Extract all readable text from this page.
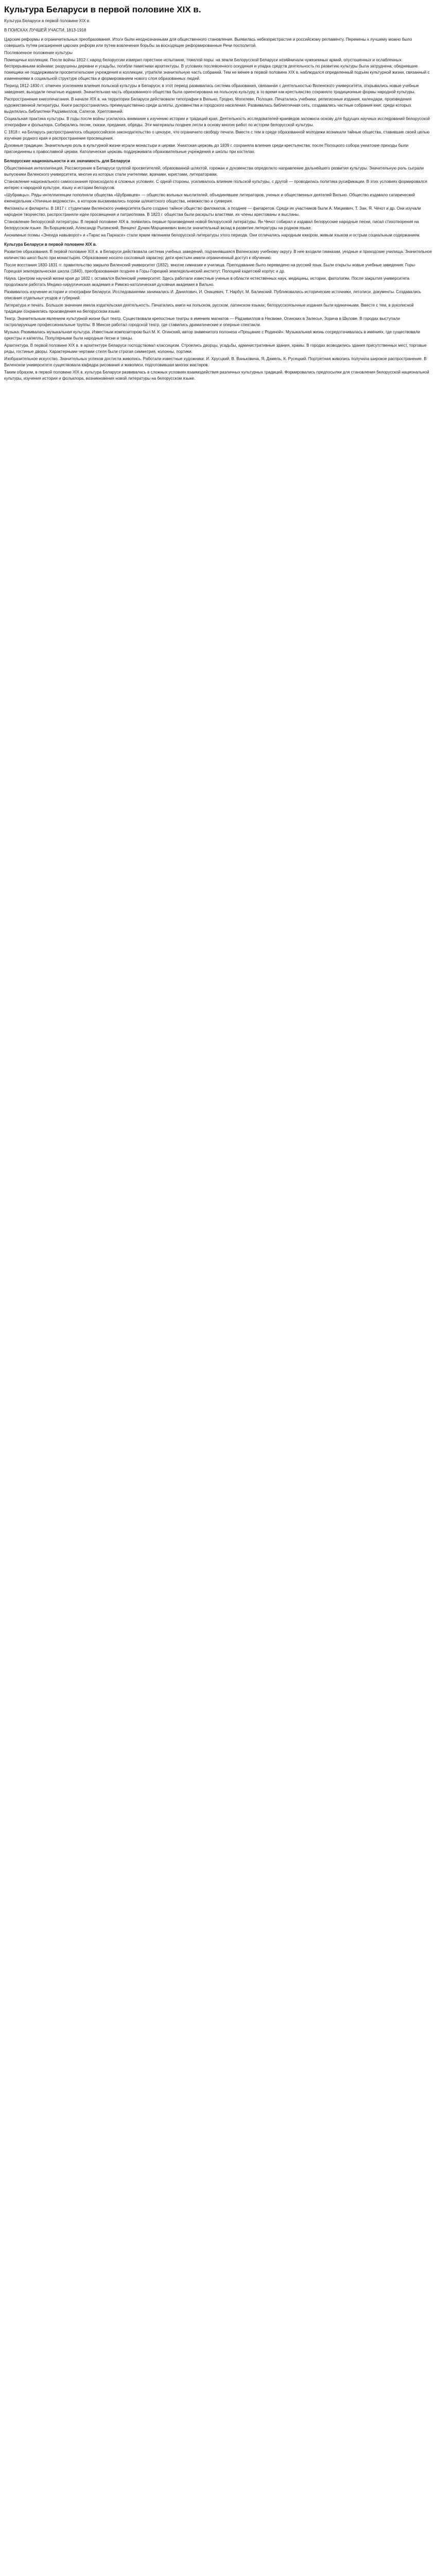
Культура Беларуси в первой половине XIX в.
Культура Беларуси в первой половине XIX в.
В ПОИСКАХ ЛУЧШЕЙ УЧАСТИ: 1813-1918

Царские реформы и ограничительных преобразования. Итоги были неоднозначными для общественного становления. Выявилась небезпристрастие и российскому регламенту. Перемены к лучшему можно было совершить путем расширения царских реформ или путем вовлечения борьбы за восходящие реформированные Речи посполитой.

Послевоенное положение культуры

Помещичьи коллекции. После войны 1812 г. народ белоруссии измерил горестное испытание, тяжелой поры: на земли Белорусской Беларуси хозяйничали чужеземных армий, опустошенных и ослабленных беспрерывными войнами; разрушены деревни и усадьбы, погибли памятники архитектуры. В условиях послевоенного оскудения и упадка средств деятельность по развитию культуры была затруднена; обедневшие помещики не поддерживали просветительские учреждения и коллекции, утратили значительную часть собраний. Тем не менее в первой половине XIX в. наблюдался определенный подъем культурной жизни, связанный с изменениями в социальной структуре общества и формированием нового слоя образованных людей.

Период 1812-1830 гг. отмечен усилением влияния польской культуры в Беларуси; в этот период развивалась система образования, связанная с деятельностью Виленского университета, открывались новые учебные заведения, выходили печатные издания. Значительная часть образованного общества была ориентирована на польскую культуру, в то время как крестьянство сохраняло традиционные формы народной культуры.

Распространение книгопечатания. В начале XIX в. на территории Беларуси действовали типографии в Вильно, Гродно, Могилеве, Полоцке. Печатались учебники, религиозные издания, календари, произведения художественной литературы. Книги распространялись преимущественно среди шляхты, духовенства и городского населения. Развивалась библиотечная сеть, создавались частные собрания книг, среди которых выделялись библиотеки Радзивиллов, Сапегов, Хрептовичей.

Социальная практика культуры. В годы после войны усилилось внимание к изучению истории и традиций края. Деятельность исследователей-краеведов заложила основу для будущих научных исследований белорусской этнографии и фольклора. Собирались песни, сказки, предания, обряды. Эти материалы позднее легли в основу многих работ по истории белорусской культуры.

С 1818 г. на Беларусь распространилось общероссийское законодательство о цензуре, что ограничило свободу печати. Вместе с тем в среде образованной молодежи возникали тайные общества, ставившие своей целью изучение родного края и распространение просвещения.

Духовные традиции. Значительную роль в культурной жизни играли монастыри и церкви. Униатская церковь до 1839 г. сохраняла влияние среди крестьянства; после Полоцкого собора униатские приходы были присоединены к православной церкви. Католическая церковь поддерживала образовательные учреждения и школы при костелах.

Белорусские национальности и их значимость для Беларуси

Общественная интеллигенция. Рассмотрение в Беларуси группой просветителей, образованной шляхтой, горожан и духовенства определило направление дальнейшего развития культуры. Значительную роль сыграли выпускники Виленского университета, многие из которых стали учителями, врачами, юристами, литераторами.

Становление национального самосознания происходило в сложных условиях. С одной стороны, усиливалось влияние польской культуры, с другой — проводилась политика русификации. В этих условиях формировался интерес к народной культуре, языку и истории белорусов.

«Шубравцы». Ряды интеллигенции пополняли общества «Шубравцев» — общество вольных мыслителей, объединявшее литераторов, ученых и общественных деятелей Вильно. Общество издавало сатирический еженедельник «Уличные ведомости», в котором высмеивались пороки шляхетского общества, невежество и суеверия.

Филоматы и филареты. В 1817 г. студентами Виленского университета было создано тайное общество филоматов, а позднее — филаретов. Среди их участников были А. Мицкевич, Т. Зан, Я. Чечот и др. Они изучали народное творчество, распространяли идеи просвещения и патриотизма. В 1823 г. общества были раскрыты властями, их члены арестованы и высланы.

Становление белорусской литературы. В первой половине XIX в. появились первые произведения новой белорусской литературы. Ян Чечот собирал и издавал белорусские народные песни, писал стихотворения на белорусском языке. Ян Борщевский, Александр Рыпинский, Винцент Дунин-Марцинкевич внесли значительный вклад в развитие литературы на родном языке.

Анонимные поэмы «Энеида навыворот» и «Тарас на Парнасе» стали ярким явлением белорусской литературы этого периода. Они отличались народным юмором, живым языком и острым социальным содержанием.

Культура Беларуси в первой половине XIX в.

Развитие образования. В первой половине XIX в. в Беларуси действовала система учебных заведений, подчинявшаяся Виленскому учебному округу. В нее входили гимназии, уездные и приходские училища. Значительное количество школ было при монастырях. Образование носило сословный характер; дети крестьян имели ограниченный доступ к обучению.

После восстания 1830-1831 гг. правительство закрыло Виленский университет (1832), многие гимназии и училища. Преподавание было переведено на русский язык. Были открыты новые учебные заведения: Горы-Горецкая земледельческая школа (1840), преобразованная позднее в Горы-Горецкий земледельческий институт, Полоцкий кадетский корпус и др.

Наука. Центром научной жизни края до 1832 г. оставался Виленский университет. Здесь работали известные ученые в области естественных наук, медицины, истории, филологии. После закрытия университета продолжали работать Медико-хирургическая академия и Римско-католическая духовная академия в Вильно.

Развивалось изучение истории и этнографии Беларуси. Исследованиями занимались И. Данилович, И. Онацевич, Т. Нарбут, М. Балинский. Публиковались исторические источники, летописи, документы. Создавались описания отдельных уездов и губерний.

Литература и печать. Большое значение имела издательская деятельность. Печатались книги на польском, русском, латинском языках; белорусскоязычные издания были единичными. Вместе с тем, в рукописной традиции сохранялись произведения на белорусском языке.

Театр. Значительным явлением культурной жизни был театр. Существовали крепостные театры в имениях магнатов — Радзивиллов в Несвиже, Огинских в Залесье, Зорича в Шклове. В городах выступали гастролирующие профессиональные труппы. В Минске работал городской театр, где ставились драматические и оперные спектакли.

Музыка. Развивалась музыкальная культура. Известным композитором был М. К. Огинский, автор знаменитого полонеза «Прощание с Родиной». Музыкальная жизнь сосредотачивалась в имениях, где существовали оркестры и капеллы. Популярными были народные песни и танцы.

Архитектура. В первой половине XIX в. в архитектуре Беларуси господствовал классицизм. Строились дворцы, усадьбы, административные здания, храмы. В городах возводились здания присутственных мест, торговые ряды, гостиные дворы. Характерными чертами стиля были строгая симметрия, колонны, портики.

Изобразительное искусство. Значительных успехов достигла живопись. Работали известные художники: И. Хрусцкий, В. Ваньковича, Я. Дамель, К. Русецкий. Портретная живопись получила широкое распространение. В Виленском университете существовала кафедра рисования и живописи, подготовившая многих мастеров.

Таким образом, в первой половине XIX в. культура Беларуси развивалась в сложных условиях взаимодействия различных культурных традиций. Формировались предпосылки для становления белорусской национальной культуры, изучения истории и фольклора, возникновения новой литературы на белорусском языке.
